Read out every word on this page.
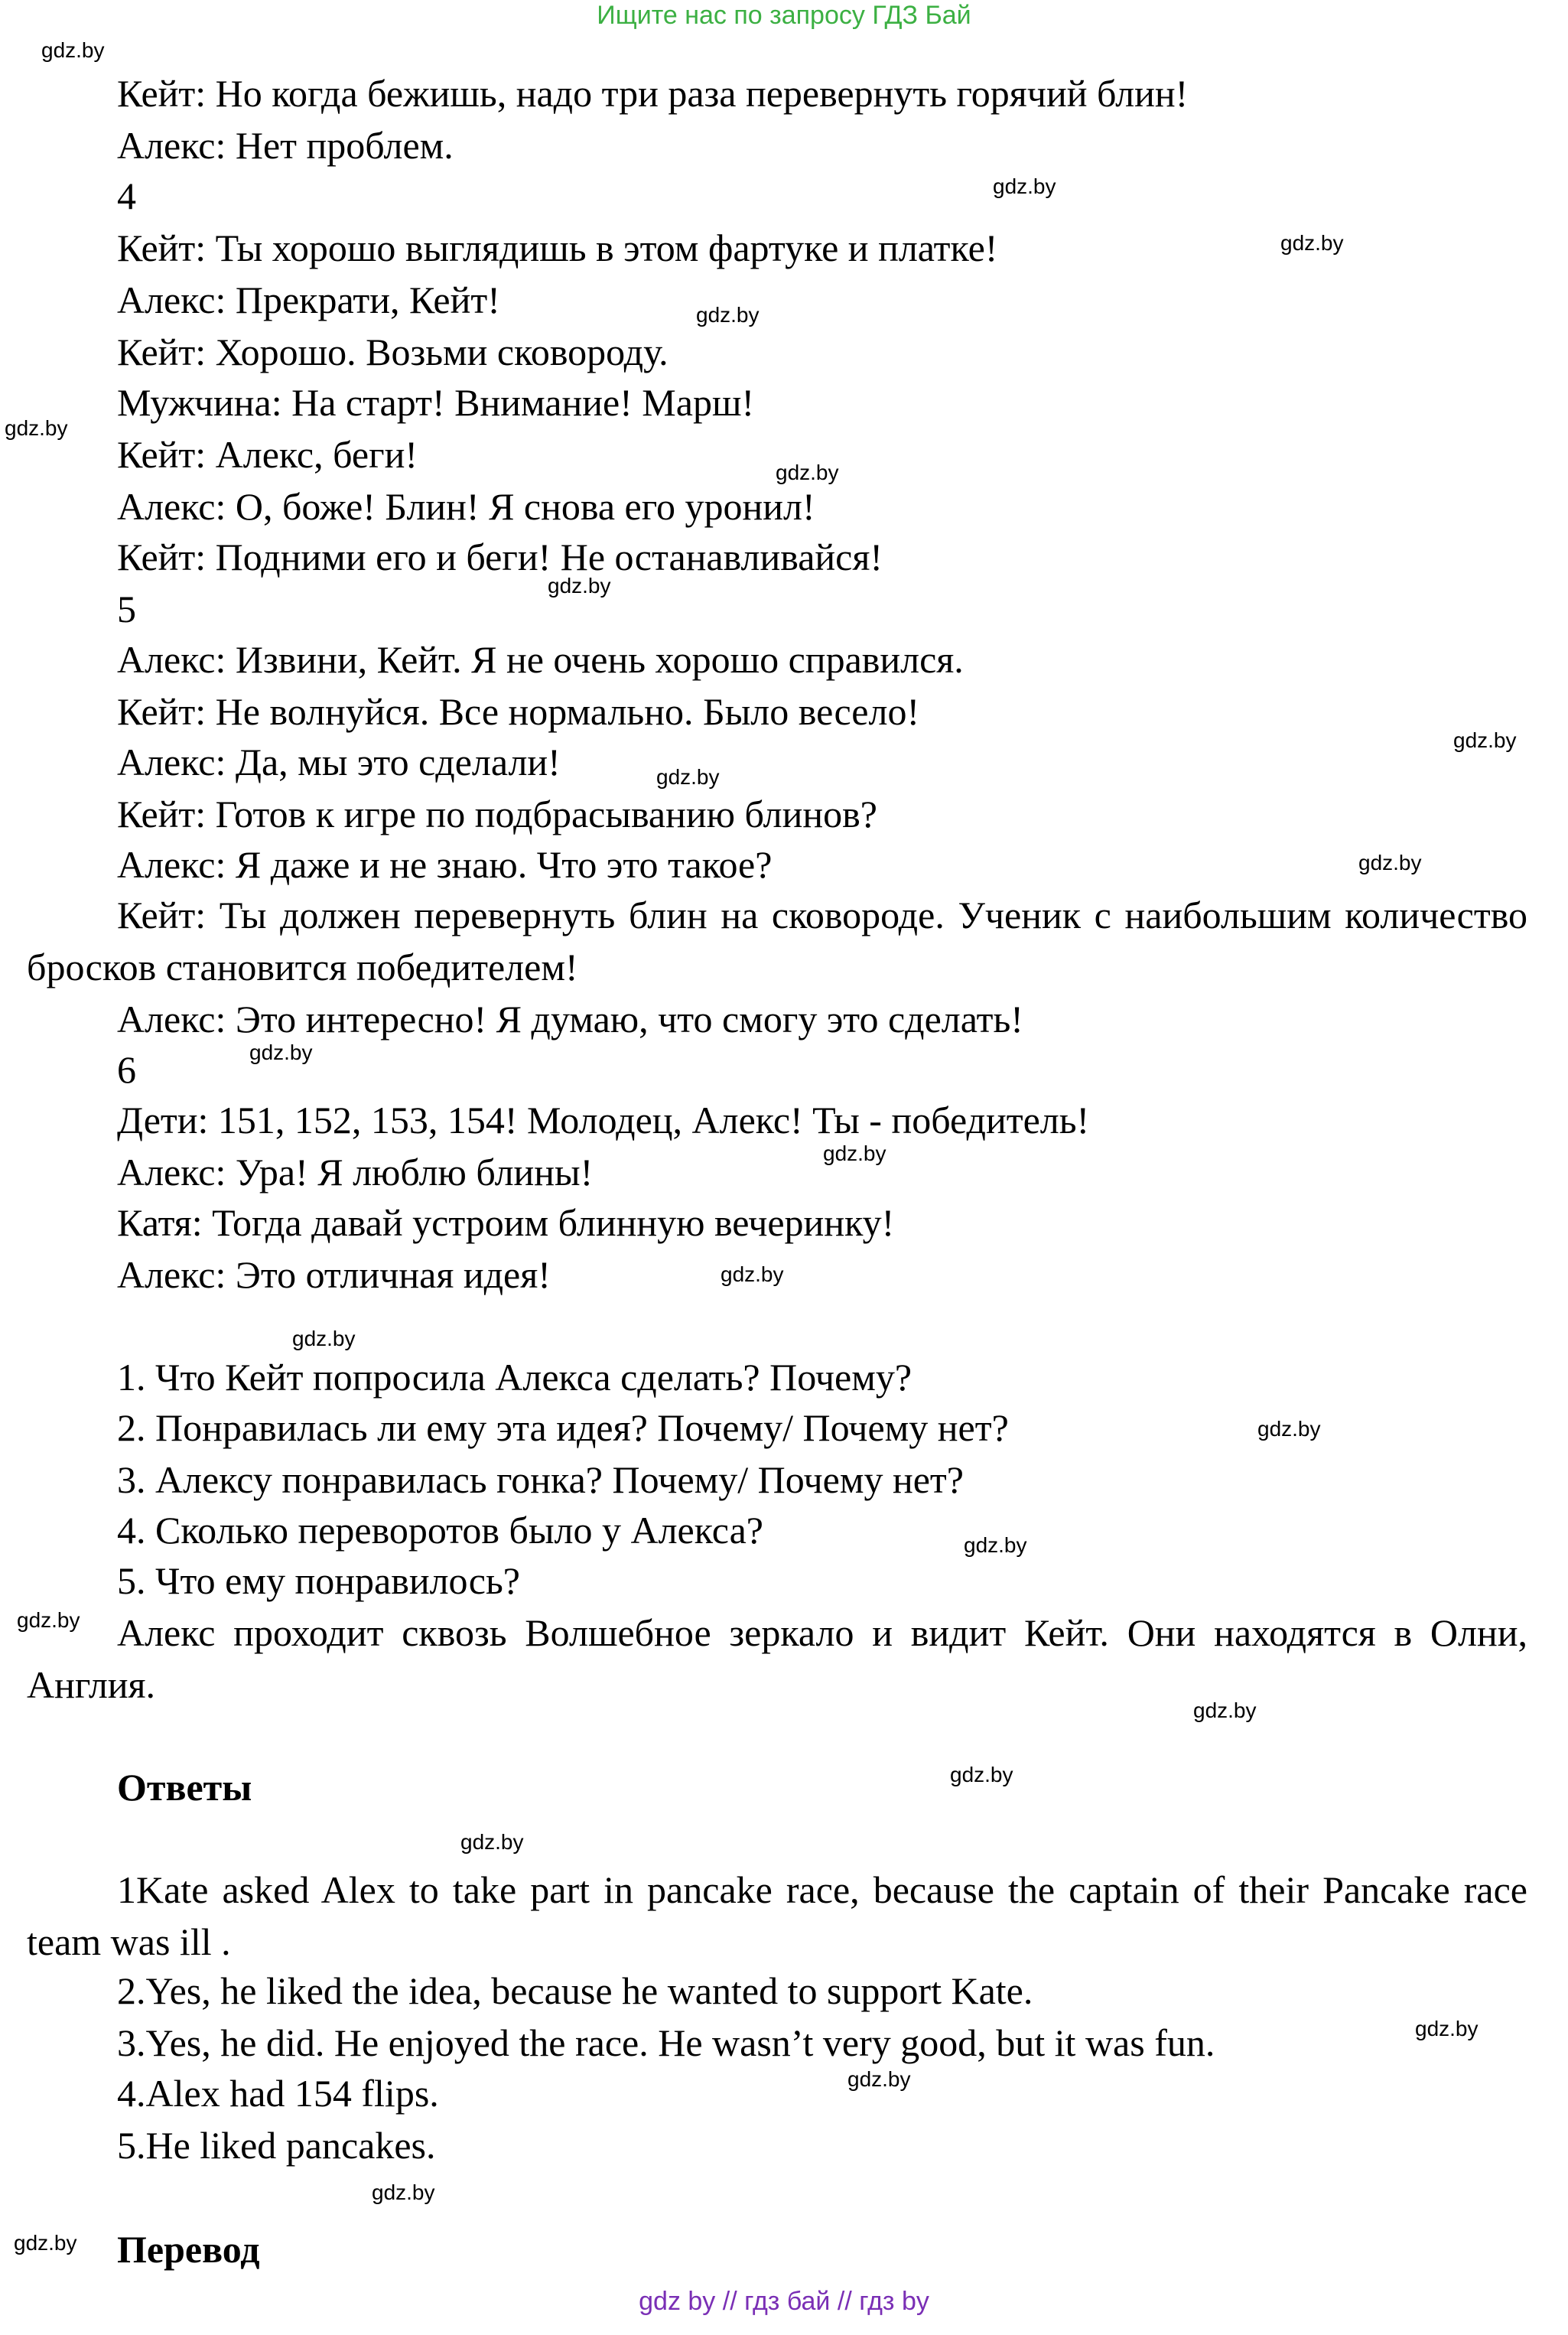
Ищите нас по запросу ГДЗ Бай
gdz.by
gdz.by
gdz.by
gdz.by
gdz.by
gdz.by
gdz.by
gdz.by
gdz.by
gdz.by
gdz.by
gdz.by
gdz.by
gdz.by
gdz.by
gdz.by
gdz.by
gdz.by
gdz.by
gdz.by
gdz.by
gdz.by
gdz.by
gdz.by
Кейт: Но когда бежишь, надо три раза перевернуть горячий блин!
Алекс: Нет проблем.
4
Кейт: Ты хорошо выглядишь в этом фартуке и платке!
Алекс: Прекрати, Кейт!
Кейт: Хорошо. Возьми сковороду.
Мужчина: На старт! Внимание! Марш!
Кейт: Алекс, беги!
Алекс: О, боже! Блин! Я снова его уронил!
Кейт: Подними его и беги! Не останавливайся!
5
Алекс: Извини, Кейт. Я не очень хорошо справился.
Кейт: Не волнуйся. Все нормально. Было весело!
Алекс: Да, мы это сделали!
Кейт: Готов к игре по подбрасыванию блинов?
Алекс: Я даже и не знаю. Что это такое?
Кейт: Ты должен перевернуть блин на сковороде. Ученик с наибольшим количество бросков становится победителем!
Алекс: Это интересно! Я думаю, что смогу это сделать!
6
Дети: 151, 152, 153, 154! Молодец, Алекс! Ты - победитель!
Алекс: Ура! Я люблю блины!
Катя: Тогда давай устроим блинную вечеринку!
Алекс: Это отличная идея!
1. Что Кейт попросила Алекса сделать? Почему?
2. Понравилась ли ему эта идея? Почему/ Почему нет?
3. Алексу понравилась гонка? Почему/ Почему нет?
4. Сколько переворотов было у Алекса?
5. Что ему понравилось?
Алекс проходит сквозь Волшебное зеркало и видит Кейт. Они находятся в Олни, Англия.
Ответы
1Kate asked Alex to take part in pancake race, because the captain of their Pancake race team was ill .
2.Yes, he liked the idea, because he wanted to support Kate.
3.Yes, he did. He enjoyed the race. He wasn’t very good, but it was fun.
4.Alex had 154 flips.
5.He liked pancakes.
Перевод
gdz by // гдз бай // гдз by
